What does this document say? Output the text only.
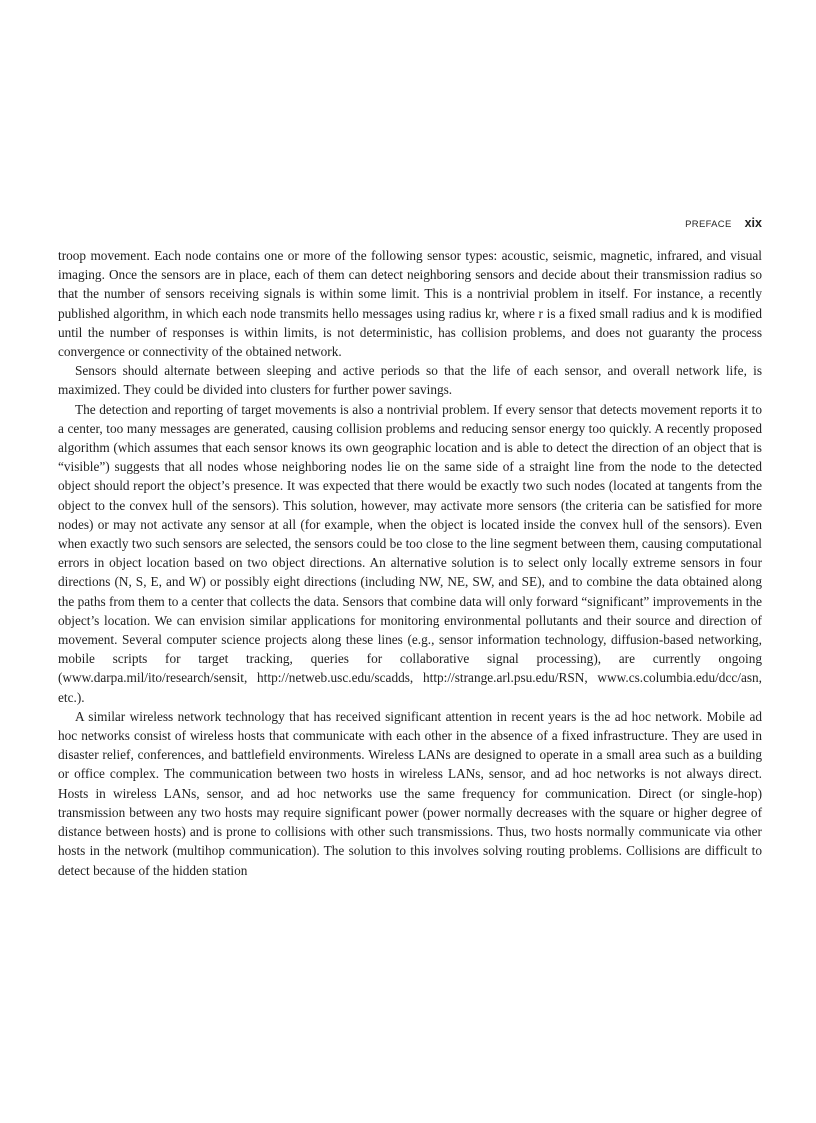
PREFACE xix

troop movement. Each node contains one or more of the following sensor types: acoustic, seismic, magnetic, infrared, and visual imaging. Once the sensors are in place, each of them can detect neighboring sensors and decide about their transmission radius so that the number of sensors receiving signals is within some limit. This is a nontrivial problem in itself. For instance, a recently published algorithm, in which each node transmits hello messages using radius kr, where r is a fixed small radius and k is modified until the number of responses is within limits, is not deterministic, has collision problems, and does not guaranty the process convergence or connectivity of the obtained network.

Sensors should alternate between sleeping and active periods so that the life of each sensor, and overall network life, is maximized. They could be divided into clusters for further power savings.

The detection and reporting of target movements is also a nontrivial problem. If every sensor that detects movement reports it to a center, too many messages are generated, causing collision problems and reducing sensor energy too quickly. A recently proposed algorithm (which assumes that each sensor knows its own geographic location and is able to detect the direction of an object that is “visible”) suggests that all nodes whose neighboring nodes lie on the same side of a straight line from the node to the detected object should report the object’s presence. It was expected that there would be exactly two such nodes (located at tangents from the object to the convex hull of the sensors). This solution, however, may activate more sensors (the criteria can be satisfied for more nodes) or may not activate any sensor at all (for example, when the object is located inside the convex hull of the sensors). Even when exactly two such sensors are selected, the sensors could be too close to the line segment between them, causing computational errors in object location based on two object directions. An alternative solution is to select only locally extreme sensors in four directions (N, S, E, and W) or possibly eight directions (including NW, NE, SW, and SE), and to combine the data obtained along the paths from them to a center that collects the data. Sensors that combine data will only forward “significant” improvements in the object’s location. We can envision similar applications for monitoring environmental pollutants and their source and direction of movement. Several computer science projects along these lines (e.g., sensor information technology, diffusion-based networking, mobile scripts for target tracking, queries for collaborative signal processing), are currently ongoing (www.darpa.mil/ito/research/sensit, http://netweb.usc.edu/scadds, http://strange.arl.psu.edu/RSN, www.cs.columbia.edu/dcc/asn, etc.).

A similar wireless network technology that has received significant attention in recent years is the ad hoc network. Mobile ad hoc networks consist of wireless hosts that communicate with each other in the absence of a fixed infrastructure. They are used in disaster relief, conferences, and battlefield environments. Wireless LANs are designed to operate in a small area such as a building or office complex. The communication between two hosts in wireless LANs, sensor, and ad hoc networks is not always direct. Hosts in wireless LANs, sensor, and ad hoc networks use the same frequency for communication. Direct (or single-hop) transmission between any two hosts may require significant power (power normally decreases with the square or higher degree of distance between hosts) and is prone to collisions with other such transmissions. Thus, two hosts normally communicate via other hosts in the network (multihop communication). The solution to this involves solving routing problems. Collisions are difficult to detect because of the hidden station
